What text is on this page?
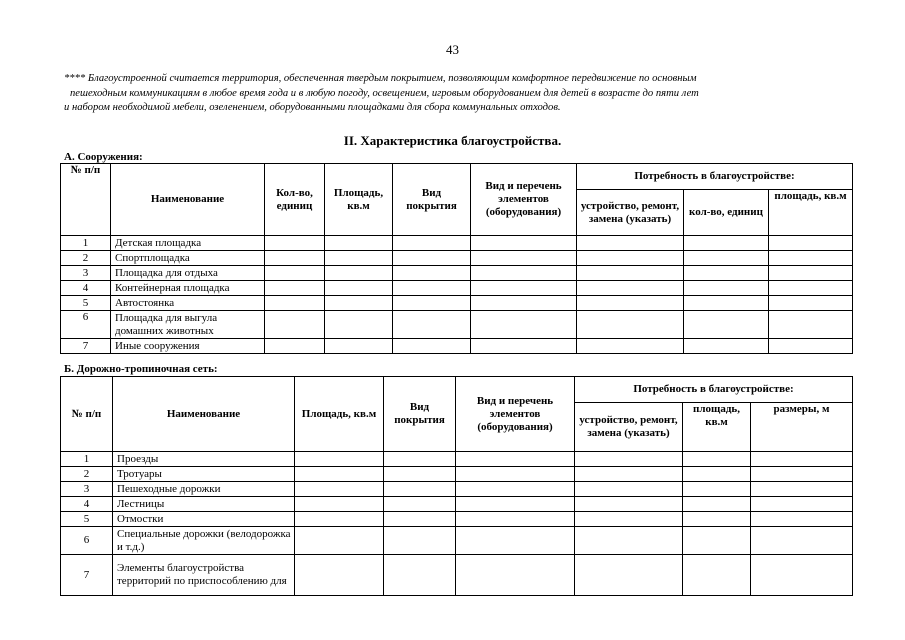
43
**** Благоустроенной считается территория, обеспеченная твердым покрытием, позволяющим комфортное передвижение по основным
пешеходным коммуникациям в любое время года и в любую погоду, освещением, игровым оборудованием для детей в возрасте до пяти лет
и набором необходимой мебели, озеленением, оборудованными площадками для сбора коммунальных отходов.
II. Характеристика благоустройства.
А. Сооружения:
№ п/п	Наименование	Кол-во, единиц	Площадь, кв.м	Вид покрытия	Вид и перечень элементов (оборудования)	Потребность в благоустройстве:		
						устройство, ремонт, замена (указать)	кол-во, единиц	площадь, кв.м
1	Детская площадка							
2	Спортплощадка							
3	Площадка для отдыха							
4	Контейнерная площадка							
5	Автостоянка							
6	Площадка для выгула домашних животных							
7	Иные сооружения							
Б. Дорожно-тропиночная сеть:
№ п/п	Наименование	Площадь, кв.м	Вид покрытия	Вид и перечень элементов (оборудования)	Потребность в благоустройстве:		
					устройство, ремонт, замена (указать)	площадь, кв.м	размеры, м
1	Проезды						
2	Тротуары						
3	Пешеходные дорожки						
4	Лестницы						
5	Отмостки						
6	Специальные дорожки (велодорожка и т.д.)						
7	Элементы благоустройства территорий по приспособлению для						
